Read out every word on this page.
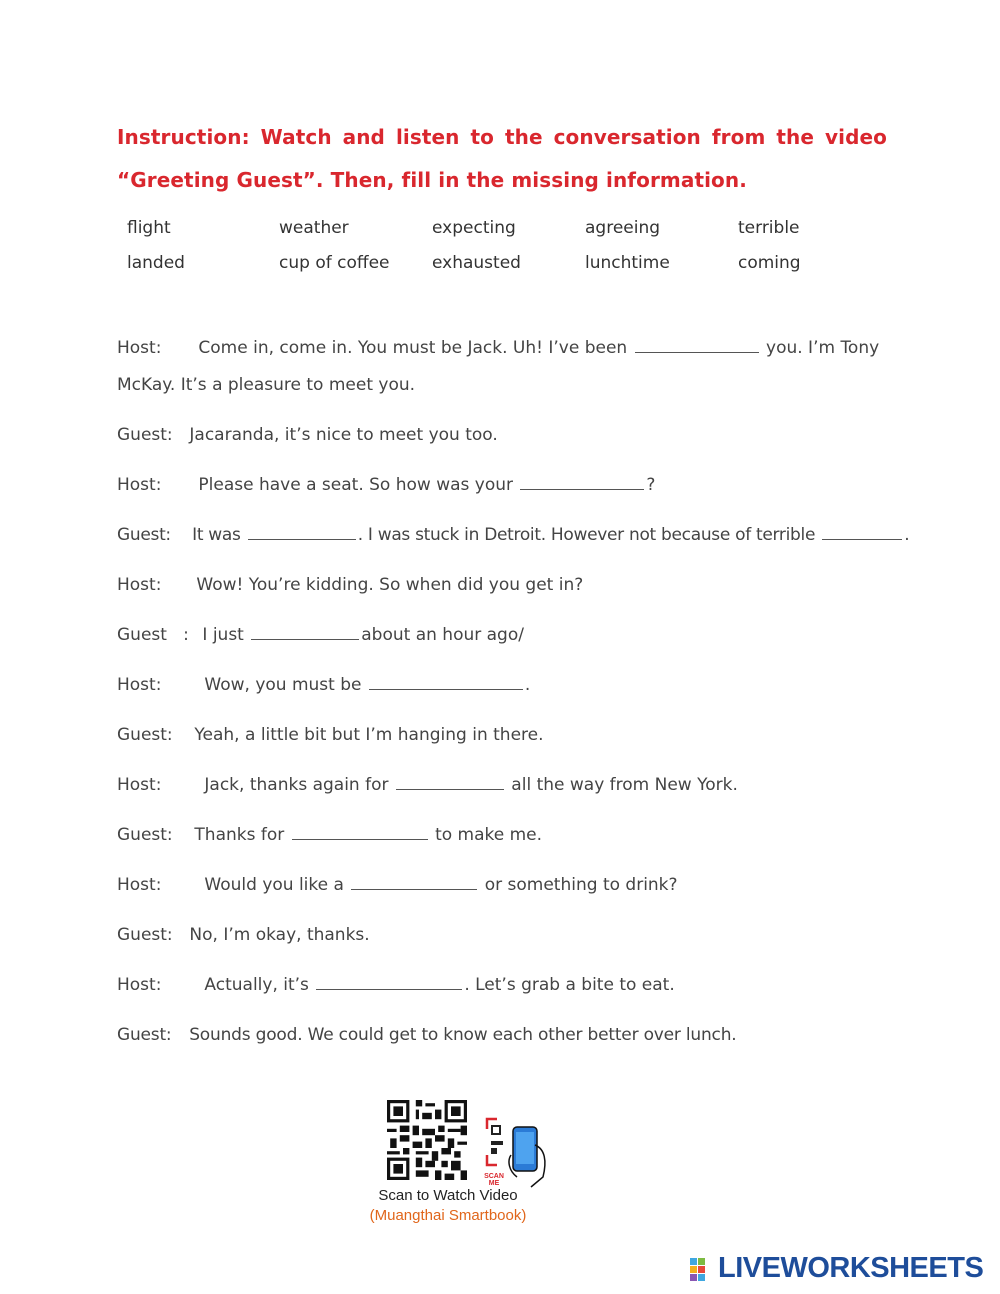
Instruction: Watch and listen to the conversation from the video “Greeting Guest”. Then, fill in the missing information.
flight	weather	expecting	agreeing	terrible
landed	cup of coffee	exhausted	lunchtime	coming
Host: Come in, come in. You must be Jack. Uh! I’ve been	you. I’m Tony
McKay. It’s a pleasure to meet you.
Guest: Jacaranda, it’s nice to meet you too.
Host: Please have a seat. So how was your	?
Guest: It was	. I was stuck in Detroit. However not because of terrible	.
Host: Wow! You’re kidding. So when did you get in?
Guest   : I just	about an hour ago/
Host:	Wow, you must be	.
Guest: Yeah, a little bit but I’m hanging in there.
Host:	Jack, thanks again for	all the way from New York.
Guest: Thanks for	to make me.
Host:	Would you like a	or something to drink?
Guest: No, I’m okay, thanks.
Host:	Actually, it’s	. Let’s grab a bite to eat.
Guest: Sounds good. We could get to know each other better over lunch.
SCAN ME
Scan to Watch Video
(Muangthai Smartbook)
LIVEWORKSHEETS
